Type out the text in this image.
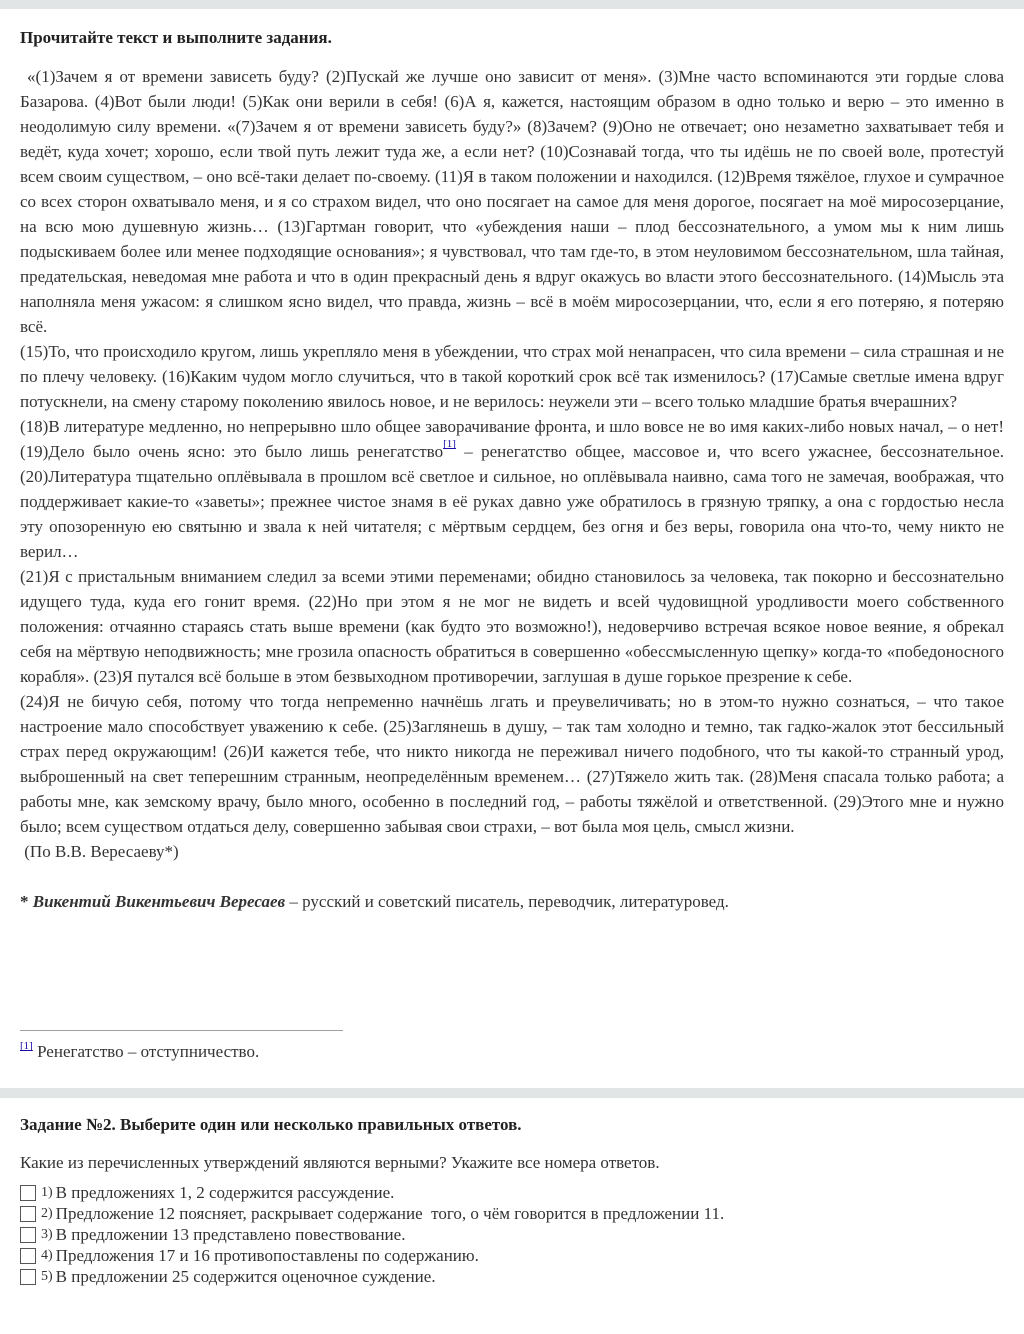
Прочитайте текст и выполните задания.

«(1)Зачем я от времени зависеть буду? (2)Пускай же лучше оно зависит от меня». (3)Мне часто вспоминаются эти гордые слова Базарова. (4)Вот были люди! (5)Как они верили в себя! (6)А я, кажется, настоящим образом в одно только и верю – это именно в неодолимую силу времени. «(7)Зачем я от времени зависеть буду?» (8)Зачем? (9)Оно не отвечает; оно незаметно захватывает тебя и ведёт, куда хочет; хорошо, если твой путь лежит туда же, а если нет? (10)Сознавай тогда, что ты идёшь не по своей воле, протестуй всем своим существом, – оно всё-таки делает по-своему. (11)Я в таком положении и находился. (12)Время тяжёлое, глухое и сумрачное со всех сторон охватывало меня, и я со страхом видел, что оно посягает на самое для меня дорогое, посягает на моё миросозерцание, на всю мою душевную жизнь… (13)Гартман говорит, что «убеждения наши – плод бессознательного, а умом мы к ним лишь подыскиваем более или менее подходящие основания»; я чувствовал, что там где-то, в этом неуловимом бессознательном, шла тайная, предательская, неведомая мне работа и что в один прекрасный день я вдруг окажусь во власти этого бессознательного. (14)Мысль эта наполняла меня ужасом: я слишком ясно видел, что правда, жизнь – всё в моём миросозерцании, что, если я его потеряю, я потеряю всё.

(15)То, что происходило кругом, лишь укрепляло меня в убеждении, что страх мой ненапрасен, что сила времени – сила страшная и не по плечу человеку. (16)Каким чудом могло случиться, что в такой короткий срок всё так изменилось? (17)Самые светлые имена вдруг потускнели, на смену старому поколению явилось новое, и не верилось: неужели эти – всего только младшие братья вчерашних?

(18)В литературе медленно, но непрерывно шло общее заворачивание фронта, и шло вовсе не во имя каких-либо новых начал, – о нет! (19)Дело было очень ясно: это было лишь ренегатство[1] – ренегатство общее, массовое и, что всего ужаснее, бессознательное. (20)Литература тщательно оплёвывала в прошлом всё светлое и сильное, но оплёвывала наивно, сама того не замечая, воображая, что поддерживает какие-то «заветы»; прежнее чистое знамя в её руках давно уже обратилось в грязную тряпку, а она с гордостью несла эту опозоренную ею святыню и звала к ней читателя; с мёртвым сердцем, без огня и без веры, говорила она что-то, чему никто не верил…

(21)Я с пристальным вниманием следил за всеми этими переменами; обидно становилось за человека, так покорно и бессознательно идущего туда, куда его гонит время. (22)Но при этом я не мог не видеть и всей чудовищной уродливости моего собственного положения: отчаянно стараясь стать выше времени (как будто это возможно!), недоверчиво встречая всякое новое веяние, я обрекал себя на мёртвую неподвижность; мне грозила опасность обратиться в совершенно «обессмысленную щепку» когда-то «победоносного корабля». (23)Я путался всё больше в этом безвыходном противоречии, заглушая в душе горькое презрение к себе.

(24)Я не бичую себя, потому что тогда непременно начнёшь лгать и преувеличивать; но в этом-то нужно сознаться, – что такое настроение мало способствует уважению к себе. (25)Заглянешь в душу, – так там холодно и темно, так гадко-жалок этот бессильный страх перед окружающим! (26)И кажется тебе, что никто никогда не переживал ничего подобного, что ты какой-то странный урод, выброшенный на свет теперешним странным, неопределённым временем… (27)Тяжело жить так. (28)Меня спасала только работа; а работы мне, как земскому врачу, было много, особенно в последний год, – работы тяжёлой и ответственной. (29)Этого мне и нужно было; всем существом отдаться делу, совершенно забывая свои страхи, – вот была моя цель, смысл жизни.

(По В.В. Вересаеву*)

* Викентий Викентьевич Вересаев – русский и советский писатель, переводчик, литературовед.
[1] Ренегатство – отступничество.

Задание №2. Выберите один или несколько правильных ответов.

Какие из перечисленных утверждений являются верными? Укажите все номера ответов.
1) В предложениях 1, 2 содержится рассуждение.
2) Предложение 12 поясняет, раскрывает содержание  того, о чём говорится в предложении 11.
3) В предложении 13 представлено повествование.
4) Предложения 17 и 16 противопоставлены по содержанию.
5) В предложении 25 содержится оценочное суждение.
